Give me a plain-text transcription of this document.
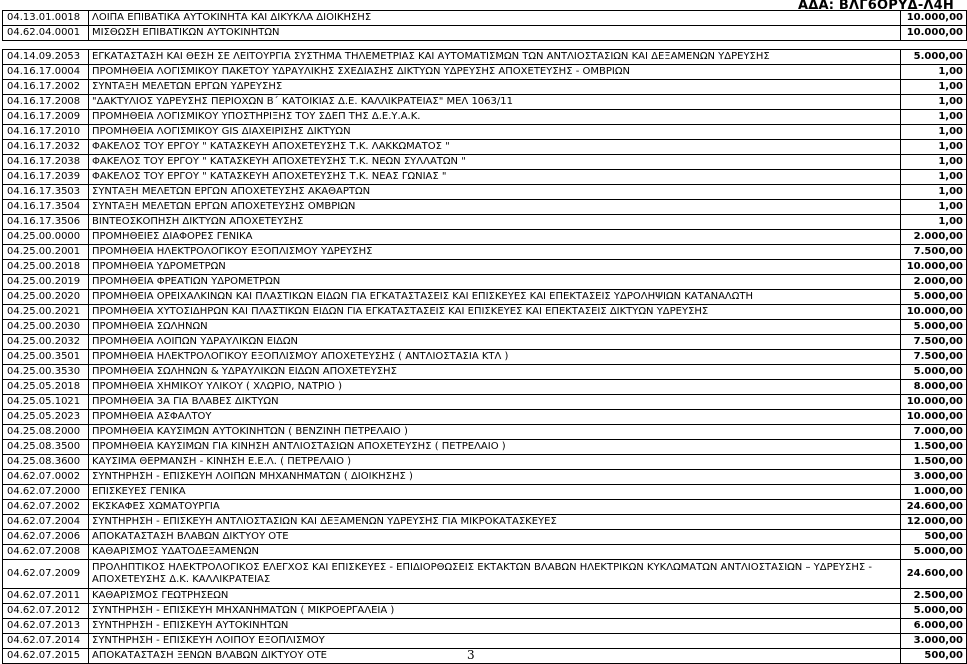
ΑΔΑ: ΒΛΓ6ΟΡΥΔ-Λ4Η
04.13.01.0018	ΛΟΙΠΑ ΕΠΙΒΑΤΙΚΑ ΑΥΤΟΚΙΝΗΤΑ ΚΑΙ ΔΙΚΥΚΛΑ ΔΙΟΙΚΗΣΗΣ	10.000,00
04.62.04.0001	ΜΙΣΘΩΣΗ ΕΠΙΒΑΤΙΚΩΝ ΑΥΤΟΚΙΝΗΤΩΝ	10.000,00

04.14.09.2053	ΕΓΚΑΤΑΣΤΑΣΗ ΚΑΙ ΘΕΣΗ ΣΕ ΛΕΙΤΟΥΡΓΙΑ ΣΥΣΤΗΜΑ ΤΗΛΕΜΕΤΡΙΑΣ ΚΑΙ ΑΥΤΟΜΑΤΙΣΜΩΝ ΤΩΝ ΑΝΤΛΙΟΣΤΑΣΙΩΝ ΚΑΙ ΔΕΞΑΜΕΝΩΝ ΥΔΡΕΥΣΗΣ	5.000,00
04.16.17.0004	ΠΡΟΜΗΘΕΙΑ ΛΟΓΙΣΜΙΚΟΥ ΠΑΚΕΤΟΥ ΥΔΡΑΥΛΙΚΗΣ ΣΧΕΔΙΑΣΗΣ ΔΙΚΤΥΩΝ ΥΔΡΕΥΣΗΣ ΑΠΟΧΕΤΕΥΣΗΣ - ΟΜΒΡΙΩΝ	1,00
04.16.17.2002	ΣΥΝΤΑΞΗ ΜΕΛΕΤΩΝ ΕΡΓΩΝ ΥΔΡΕΥΣΗΣ	1,00
04.16.17.2008	"ΔΑΚΤΥΛΙΟΣ ΥΔΡΕΥΣΗΣ ΠΕΡΙΟΧΩΝ Β΄ ΚΑΤΟΙΚΙΑΣ Δ.Ε. ΚΑΛΛΙΚΡΑΤΕΙΑΣ" ΜΕΛ 1063/11	1,00
04.16.17.2009	ΠΡΟΜΗΘΕΙΑ ΛΟΓΙΣΜΙΚΟΥ ΥΠΟΣΤΗΡΙΞΗΣ ΤΟΥ ΣΔΕΠ ΤΗΣ Δ.Ε.Υ.Α.Κ.	1,00
04.16.17.2010	ΠΡΟΜΗΘΕΙΑ ΛΟΓΙΣΜΙΚΟΥ GIS ΔΙΑΧΕΙΡΙΣΗΣ ΔΙΚΤΥΩΝ	1,00
04.16.17.2032	ΦΑΚΕΛΟΣ ΤΟΥ ΕΡΓΟΥ " ΚΑΤΑΣΚΕΥΗ ΑΠΟΧΕΤΕΥΣΗΣ Τ.Κ. ΛΑΚΚΩΜΑΤΟΣ "	1,00
04.16.17.2038	ΦΑΚΕΛΟΣ ΤΟΥ ΕΡΓΟΥ " ΚΑΤΑΣΚΕΥΗ ΑΠΟΧΕΤΕΥΣΗΣ Τ.Κ. ΝΕΩΝ ΣΥΛΛΑΤΩΝ "	1,00
04.16.17.2039	ΦΑΚΕΛΟΣ ΤΟΥ ΕΡΓΟΥ " ΚΑΤΑΣΚΕΥΗ ΑΠΟΧΕΤΕΥΣΗΣ Τ.Κ. ΝΕΑΣ ΓΩΝΙΑΣ "	1,00
04.16.17.3503	ΣΥΝΤΑΞΗ ΜΕΛΕΤΩΝ ΕΡΓΩΝ ΑΠΟΧΕΤΕΥΣΗΣ ΑΚΑΘΑΡΤΩΝ	1,00
04.16.17.3504	ΣΥΝΤΑΞΗ ΜΕΛΕΤΩΝ ΕΡΓΩΝ ΑΠΟΧΕΤΕΥΣΗΣ ΟΜΒΡΙΩΝ	1,00
04.16.17.3506	ΒΙΝΤΕΟΣΚΟΠΗΣΗ ΔΙΚΤΥΩΝ ΑΠΟΧΕΤΕΥΣΗΣ	1,00
04.25.00.0000	ΠΡΟΜΗΘΕΙΕΣ ΔΙΑΦΟΡΕΣ ΓΕΝΙΚΑ	2.000,00
04.25.00.2001	ΠΡΟΜΗΘΕΙΑ ΗΛΕΚΤΡΟΛΟΓΙΚΟΥ ΕΞΟΠΛΙΣΜΟΥ ΥΔΡΕΥΣΗΣ	7.500,00
04.25.00.2018	ΠΡΟΜΗΘΕΙΑ ΥΔΡΟΜΕΤΡΩΝ	10.000,00
04.25.00.2019	ΠΡΟΜΗΘΕΙΑ ΦΡΕΑΤΙΩΝ ΥΔΡΟΜΕΤΡΩΝ	2.000,00
04.25.00.2020	ΠΡΟΜΗΘΕΙΑ ΟΡΕΙΧΑΛΚΙΝΩΝ ΚΑΙ ΠΛΑΣΤΙΚΩΝ ΕΙΔΩΝ ΓΙΑ ΕΓΚΑΤΑΣΤΑΣΕΙΣ ΚΑΙ ΕΠΙΣΚΕΥΕΣ ΚΑΙ ΕΠΕΚΤΑΣΕΙΣ ΥΔΡΟΛΗΨΙΩΝ ΚΑΤΑΝΑΛΩΤΗ	5.000,00
04.25.00.2021	ΠΡΟΜΗΘΕΙΑ ΧΥΤΟΣΙΔΗΡΩΝ ΚΑΙ ΠΛΑΣΤΙΚΩΝ ΕΙΔΩΝ ΓΙΑ ΕΓΚΑΤΑΣΤΑΣΕΙΣ ΚΑΙ ΕΠΙΣΚΕΥΕΣ ΚΑΙ ΕΠΕΚΤΑΣΕΙΣ ΔΙΚΤΥΩΝ ΥΔΡΕΥΣΗΣ	10.000,00
04.25.00.2030	ΠΡΟΜΗΘΕΙΑ ΣΩΛΗΝΩΝ	5.000,00
04.25.00.2032	ΠΡΟΜΗΘΕΙΑ ΛΟΙΠΩΝ ΥΔΡΑΥΛΙΚΩΝ ΕΙΔΩΝ	7.500,00
04.25.00.3501	ΠΡΟΜΗΘΕΙΑ ΗΛΕΚΤΡΟΛΟΓΙΚΟΥ ΕΞΟΠΛΙΣΜΟΥ ΑΠΟΧΕΤΕΥΣΗΣ ( ΑΝΤΛΙΟΣΤΑΣΙΑ ΚΤΛ )	7.500,00
04.25.00.3530	ΠΡΟΜΗΘΕΙΑ ΣΩΛΗΝΩΝ & ΥΔΡΑΥΛΙΚΩΝ ΕΙΔΩΝ ΑΠΟΧΕΤΕΥΣΗΣ	5.000,00
04.25.05.2018	ΠΡΟΜΗΘΕΙΑ ΧΗΜΙΚΟΥ ΥΛΙΚΟΥ ( ΧΛΩΡΙΟ, ΝΑΤΡΙΟ )	8.000,00
04.25.05.1021	ΠΡΟΜΗΘΕΙΑ 3Α ΓΙΑ ΒΛΑΒΕΣ ΔΙΚΤΥΩΝ	10.000,00
04.25.05.2023	ΠΡΟΜΗΘΕΙΑ ΑΣΦΑΛΤΟΥ	10.000,00
04.25.08.2000	ΠΡΟΜΗΘΕΙΑ ΚΑΥΣΙΜΩΝ ΑΥΤΟΚΙΝΗΤΩΝ ( ΒΕΝΖΙΝΗ ΠΕΤΡΕΛΑΙΟ )	7.000,00
04.25.08.3500	ΠΡΟΜΗΘΕΙΑ ΚΑΥΣΙΜΩΝ ΓΙΑ ΚΙΝΗΣΗ ΑΝΤΛΙΟΣΤΑΣΙΩΝ ΑΠΟΧΕΤΕΥΣΗΣ ( ΠΕΤΡΕΛΑΙΟ )	1.500,00
04.25.08.3600	ΚΑΥΣΙΜΑ ΘΕΡΜΑΝΣΗ - ΚΙΝΗΣΗ Ε.Ε.Λ. ( ΠΕΤΡΕΛΑΙΟ )	1.500,00
04.62.07.0002	ΣΥΝΤΗΡΗΣΗ - ΕΠΙΣΚΕΥΗ ΛΟΙΠΩΝ ΜΗΧΑΝΗΜΑΤΩΝ ( ΔΙΟΙΚΗΣΗΣ )	3.000,00
04.62.07.2000	ΕΠΙΣΚΕΥΕΣ ΓΕΝΙΚΑ	1.000,00
04.62.07.2002	ΕΚΣΚΑΦΕΣ ΧΩΜΑΤΟΥΡΓΙΑ	24.600,00
04.62.07.2004	ΣΥΝΤΗΡΗΣΗ - ΕΠΙΣΚΕΥΗ ΑΝΤΛΙΟΣΤΑΣΙΩΝ ΚΑΙ ΔΕΞΑΜΕΝΩΝ ΥΔΡΕΥΣΗΣ ΓΙΑ ΜΙΚΡΟΚΑΤΑΣΚΕΥΕΣ	12.000,00
04.62.07.2006	ΑΠΟΚΑΤΑΣΤΑΣΗ ΒΛΑΒΩΝ ΔΙΚΤΥΟΥ ΟΤΕ	500,00
04.62.07.2008	ΚΑΘΑΡΙΣΜΟΣ ΥΔΑΤΟΔΕΞΑΜΕΝΩΝ	5.000,00
04.62.07.2009	ΠΡΟΛΗΠΤΙΚΟΣ ΗΛΕΚΤΡΟΛΟΓΙΚΟΣ ΕΛΕΓΧΟΣ ΚΑΙ ΕΠΙΣΚΕΥΕΣ - ΕΠΙΔΙΟΡΘΩΣΕΙΣ ΕΚΤΑΚΤΩΝ ΒΛΑΒΩΝ ΗΛΕΚΤΡΙΚΩΝ ΚΥΚΛΩΜΑΤΩΝ ΑΝΤΛΙΟΣΤΑΣΙΩΝ – ΥΔΡΕΥΣΗΣ - ΑΠΟΧΕΤΕΥΣΗΣ Δ.Κ. ΚΑΛΛΙΚΡΑΤΕΙΑΣ	24.600,00
04.62.07.2011	ΚΑΘΑΡΙΣΜΟΣ ΓΕΩΤΡΗΣΕΩΝ	2.500,00
04.62.07.2012	ΣΥΝΤΗΡΗΣΗ - ΕΠΙΣΚΕΥΗ ΜΗΧΑΝΗΜΑΤΩΝ ( ΜΙΚΡΟΕΡΓΑΛΕΙΑ )	5.000,00
04.62.07.2013	ΣΥΝΤΗΡΗΣΗ - ΕΠΙΣΚΕΥΗ ΑΥΤΟΚΙΝΗΤΩΝ	6.000,00
04.62.07.2014	ΣΥΝΤΗΡΗΣΗ - ΕΠΙΣΚΕΥΗ ΛΟΙΠΟΥ ΕΞΟΠΛΙΣΜΟΥ	3.000,00
04.62.07.2015	ΑΠΟΚΑΤΑΣΤΑΣΗ ΞΕΝΩΝ ΒΛΑΒΩΝ ΔΙΚΤΥΟΥ ΟΤΕ	500,00
3
